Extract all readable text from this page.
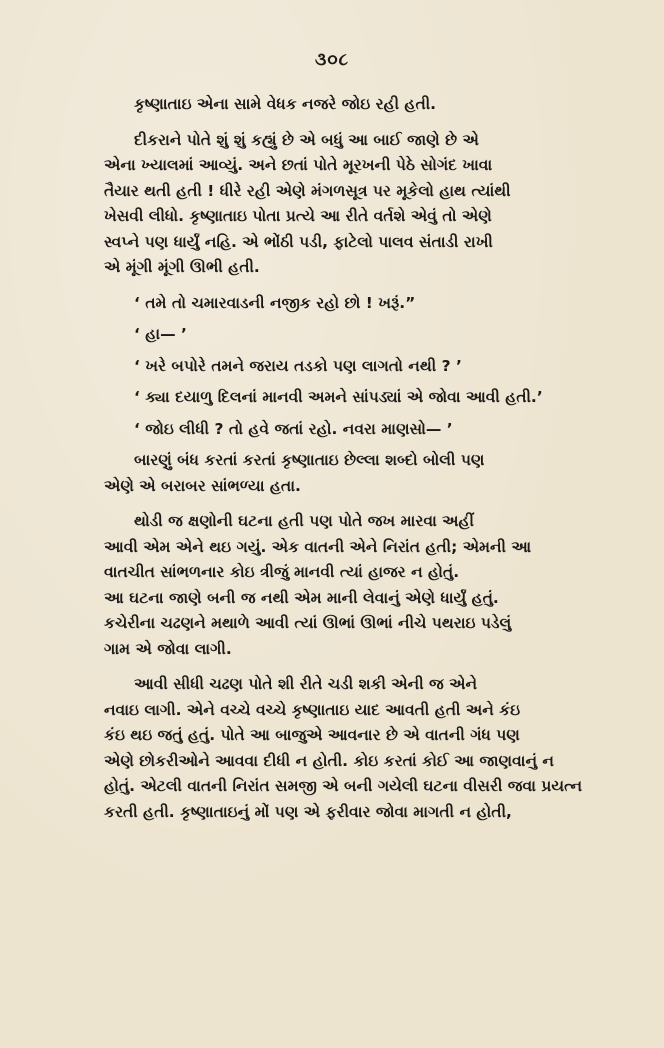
૩૦૮
કૃષ્ણાતાઇ એના સામે વેધક નજરે જોઇ રહી હતી.
દીકરાને પોતે શું શું કહ્યું છે એ બધું આ બાઈ જાણે છે એ
એના ખ્યાલમાં આવ્યું. અને છતાં પોતે મૂરખની પેઠે સોગંદ ખાવા
તૈયાર થતી હતી ! ધીરે રહી એણે મંગળસૂત્ર પર મૂકેલો હાથ ત્યાંથી
ખેસવી લીધો. કૃષ્ણાતાઇ પોતા પ્રત્યે આ રીતે વર્તશે એવું તો એણે
સ્વપ્ને પણ ધાર્યું નહિ. એ ભોંઠી પડી, ફાટેલો પાલવ સંતાડી રાખી
એ મૂંગી મૂંગી ઊભી હતી.
‘ તમે તો ચમારવાડની નજીક રહો છો ! ખરૂં.”
‘ હા— ’
‘ ખરે બપોરે તમને જરાય તડકો પણ લાગતો નથી ? ’
‘ ક્યા દયાળુ દિલનાં માનવી અમને સાંપડ્યાં એ જોવા આવી હતી.’
‘ જોઇ લીધી ? તો હવે જતાં રહો. નવરા માણસો— ’
બારણું બંધ કરતાં કરતાં કૃષ્ણાતાઇ છેલ્લા શબ્દો બોલી પણ
એણે એ બરાબર સાંભળ્યા હતા.
થોડી જ ક્ષણોની ઘટના હતી પણ પોતે જખ મારવા અહીં
આવી એમ એને થઇ ગયું. એક વાતની એને નિરાંત હતી; એમની આ
વાતચીત સાંભળનાર કોઇ ત્રીજું માનવી ત્યાં હાજર ન હોતું.
આ ઘટના જાણે બની જ નથી એમ માની લેવાનું એણે ધાર્યું હતું.
કચેરીના ચઢણને મથાળે આવી ત્યાં ઊભાં ઊભાં નીચે પથરાઇ પડેલું
ગામ એ જોવા લાગી.
આવી સીધી ચઢણ પોતે શી રીતે ચડી શકી એની જ એને
નવાઇ લાગી. એને વચ્ચે વચ્ચે કૃષ્ણાતાઇ યાદ આવતી હતી અને કંઇ
કંઇ થઇ જતું હતું. પોતે આ બાજુએ આવનાર છે એ વાતની ગંધ પણ
એણે છોકરીઓને આવવા દીધી ન હોતી. કોઇ કરતાં કોઈ આ જાણવાનું ન
હોતું. એટલી વાતની નિરાંત સમજી એ બની ગયેલી ઘટના વીસરી જવા પ્રયત્ન
કરતી હતી. કૃષ્ણાતાઇનું મોં પણ એ ફરીવાર જોવા માગતી ન હોતી,
